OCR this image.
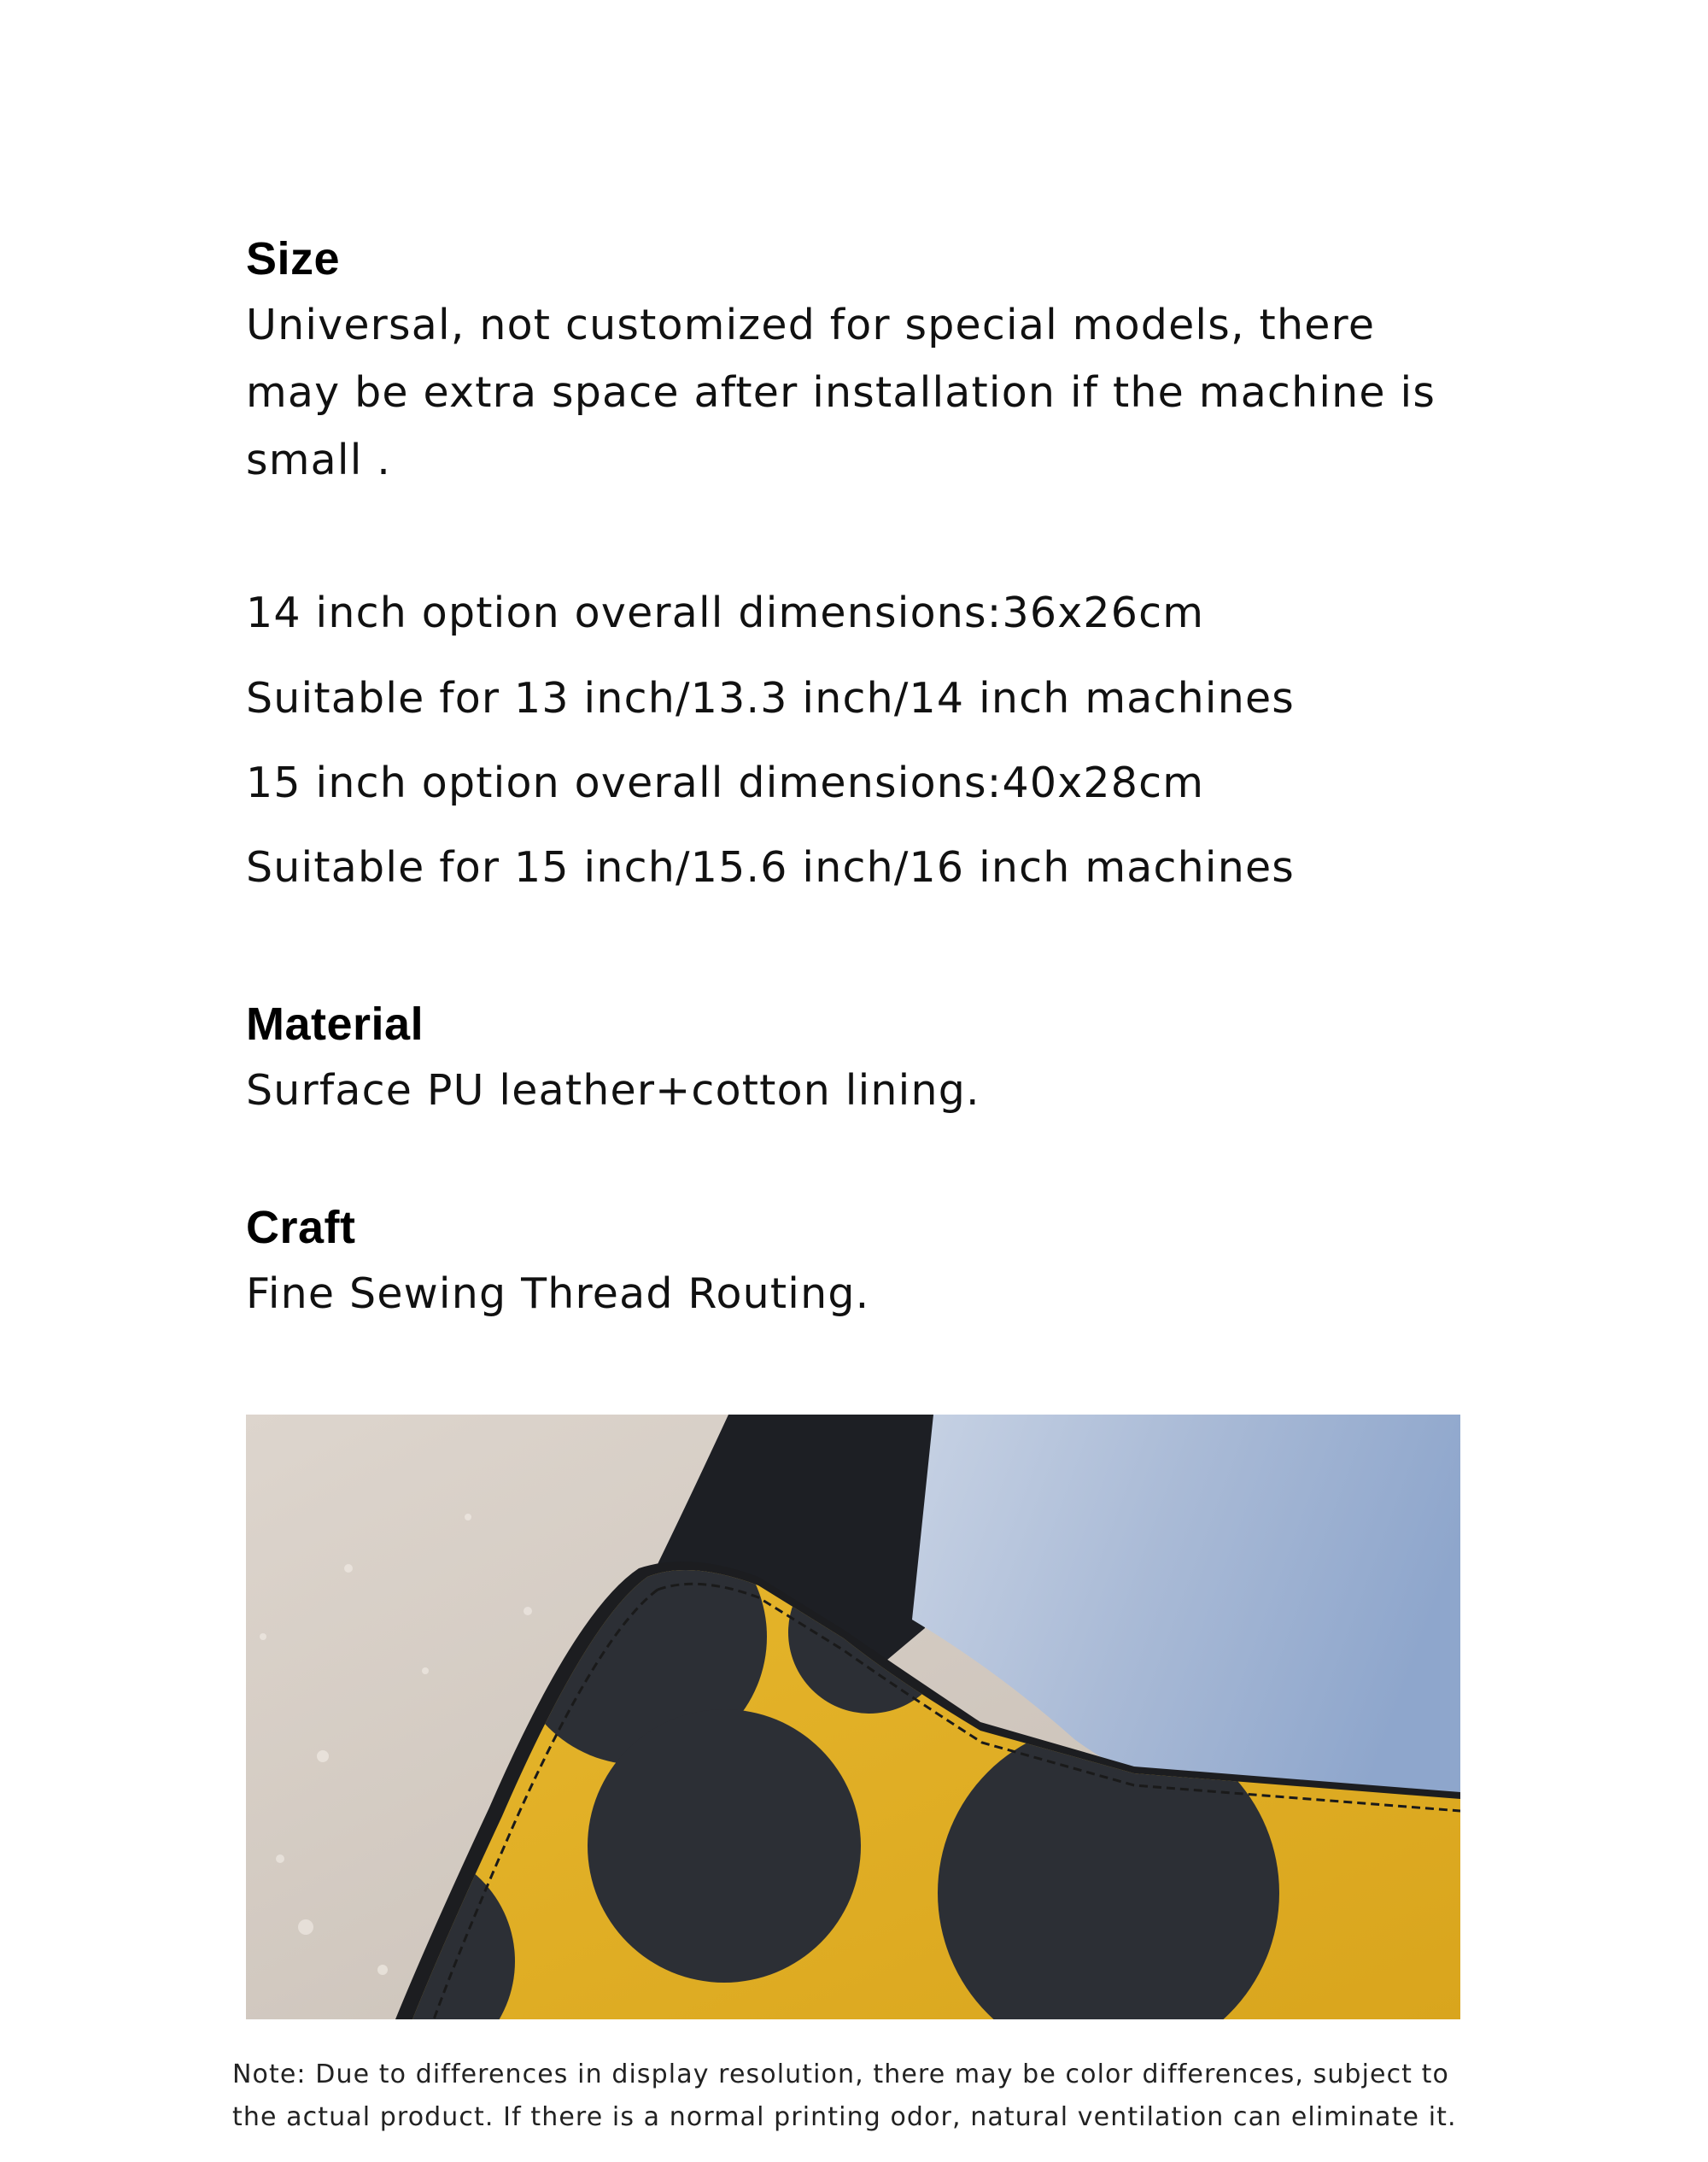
Size

Universal, not customized for special models, there

may be extra space after installation if the machine is

small .

14 inch option overall dimensions:36x26cm

Suitable for 13 inch/13.3 inch/14 inch machines

15 inch option overall dimensions:40x28cm

Suitable for 15 inch/15.6 inch/16 inch machines

Material

Surface PU leather+cotton lining.

Craft

Fine Sewing Thread Routing.

Note: Due to differences in display resolution, there may be color differences, subject to
the actual product. If there is a normal printing odor, natural ventilation can eliminate it.
